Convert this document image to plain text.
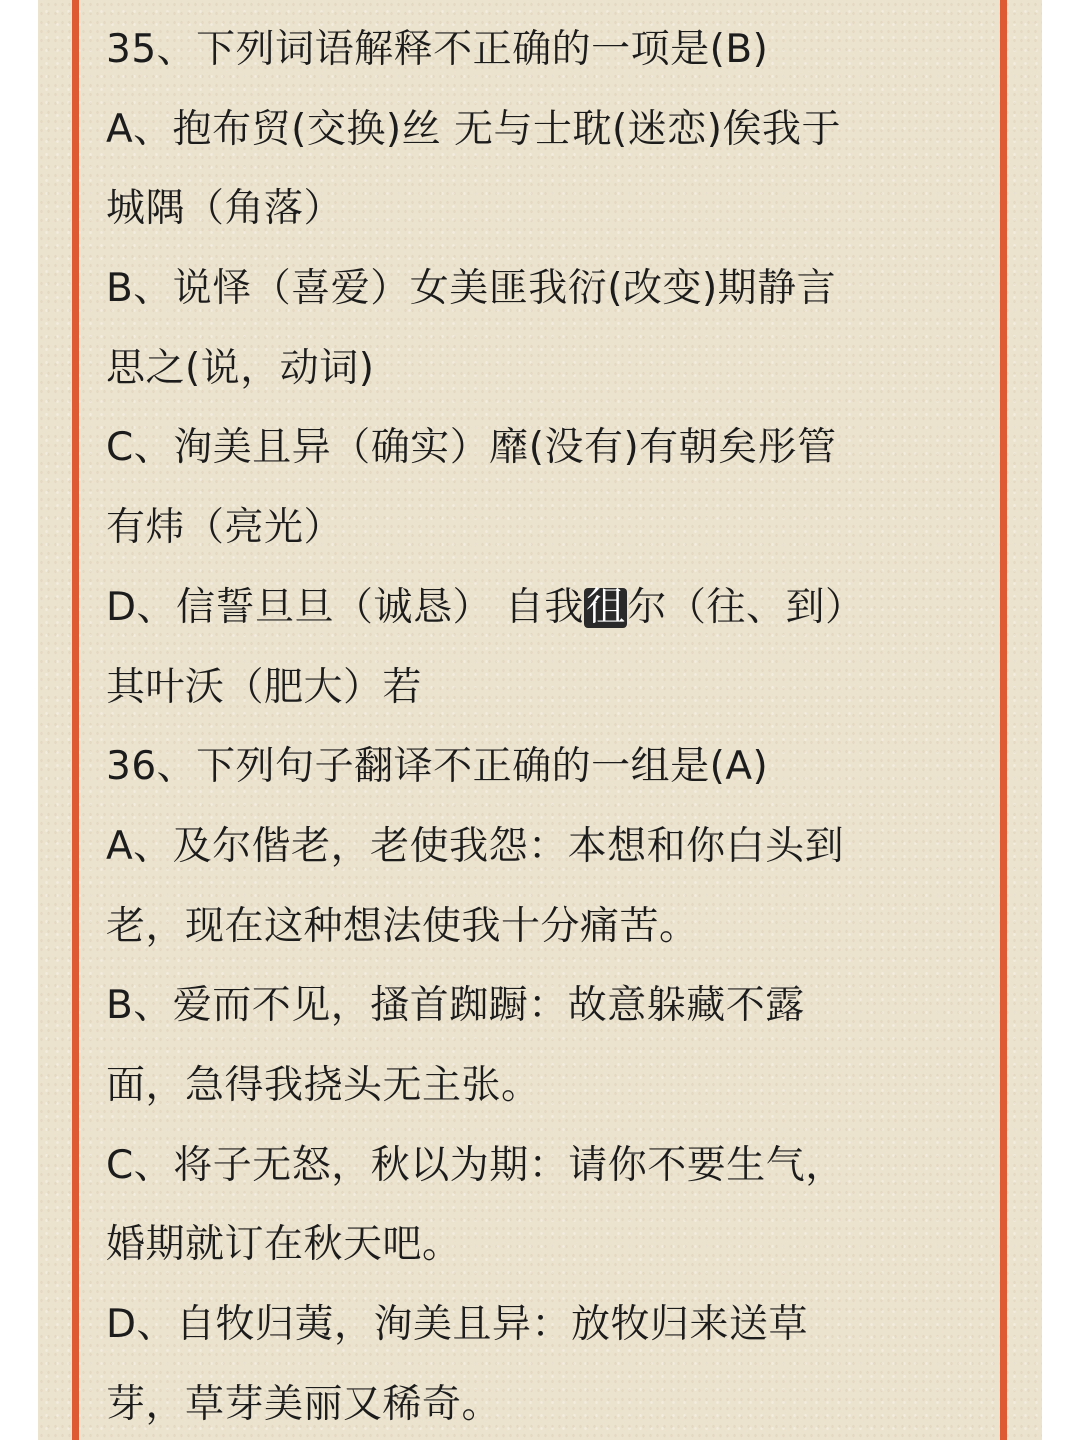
35、下列词语解释不正确的一项是(B)
A、抱布贸(交换)丝 无与士耽(迷恋)俟我于
城隅（角落）
B、说怿（喜爱）女美匪我衍(改变)期静言
思之(说，动词)
C、洵美且异（确实）靡(没有)有朝矣彤管
有炜（亮光）
D、信誓旦旦（诚恳） 自我徂尔（往、到）
其叶沃（肥大）若
36、下列句子翻译不正确的一组是(A)
A、及尔偕老，老使我怨：本想和你白头到
老，现在这种想法使我十分痛苦。
B、爱而不见，搔首踟蹰：故意躲藏不露
面，急得我挠头无主张。
C、将子无怒，秋以为期：请你不要生气，
婚期就订在秋天吧。
D、自牧归荑，洵美且异：放牧归来送草
芽，草芽美丽又稀奇。
